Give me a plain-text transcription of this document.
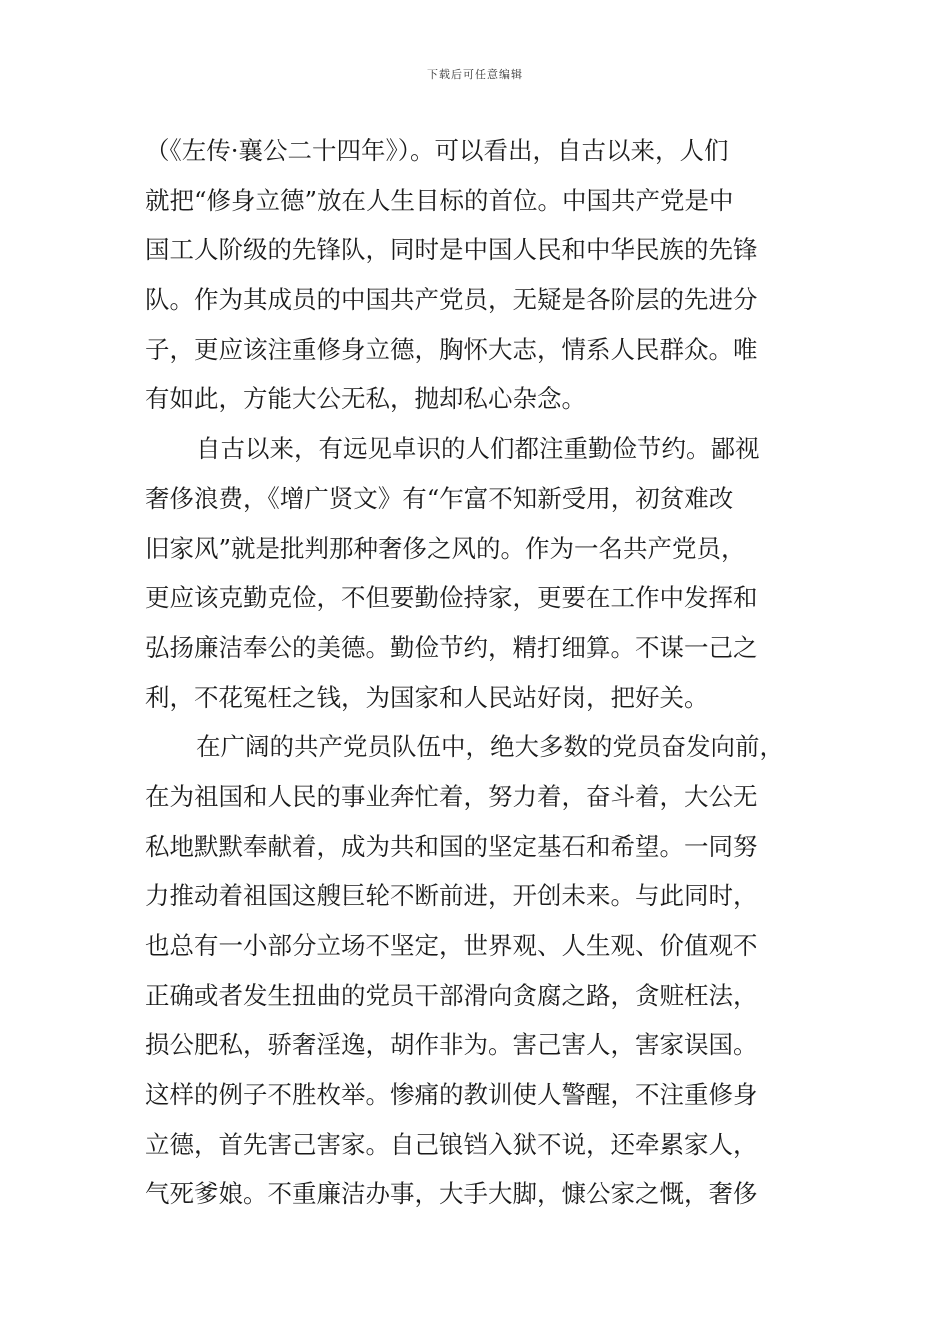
下载后可任意编辑
（《左传·襄公二十四年》）。可以看出，自古以来，人们
就把“修身立德”放在人生目标的首位。中国共产党是中
国工人阶级的先锋队，同时是中国人民和中华民族的先锋
队。作为其成员的中国共产党员，无疑是各阶层的先进分
子，更应该注重修身立德，胸怀大志，情系人民群众。唯
有如此，方能大公无私，抛却私心杂念。
自古以来，有远见卓识的人们都注重勤俭节约。鄙视
奢侈浪费，《增广贤文》有“乍富不知新受用，初贫难改
旧家风”就是批判那种奢侈之风的。作为一名共产党员，
更应该克勤克俭，不但要勤俭持家，更要在工作中发挥和
弘扬廉洁奉公的美德。勤俭节约，精打细算。不谋一己之
利，不花冤枉之钱，为国家和人民站好岗，把好关。
在广阔的共产党员队伍中，绝大多数的党员奋发向前，
在为祖国和人民的事业奔忙着，努力着，奋斗着，大公无
私地默默奉献着，成为共和国的坚定基石和希望。一同努
力推动着祖国这艘巨轮不断前进，开创未来。与此同时，
也总有一小部分立场不坚定，世界观、人生观、价值观不
正确或者发生扭曲的党员干部滑向贪腐之路，贪赃枉法，
损公肥私，骄奢淫逸，胡作非为。害己害人，害家误国。
这样的例子不胜枚举。惨痛的教训使人警醒，不注重修身
立德，首先害己害家。自己锒铛入狱不说，还牵累家人，
气死爹娘。不重廉洁办事，大手大脚，慷公家之慨，奢侈
